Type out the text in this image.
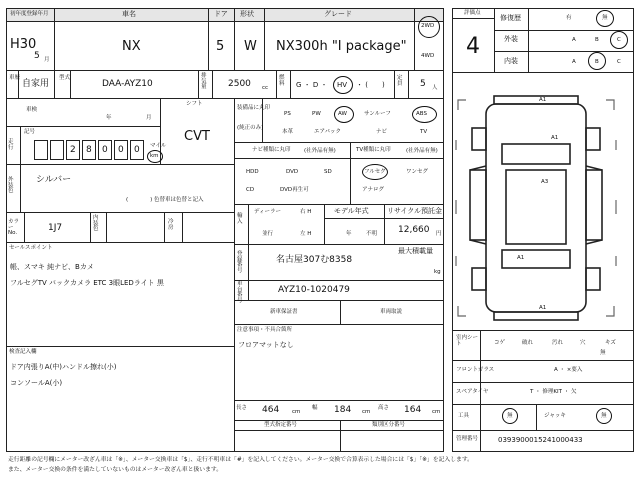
初年度登録年月	車名	ドア 形状	グレード
H30
5 月
NX	5 W NX300h "I package"
2WD
4WD
車歴
自家用
型式
DAA-AYZ10
排気量 2500 cc
燃料	G ・ D ・ HV ・ (　　)
定員 5 人
車検
年	月
シフト
CVT
走行
記号
2 8 0 0 0 マイル
km
外装色
シルバー
(　　　　) 色替車は色替と記入
カラーNo.	1J7
内装色
冷房
セールスポイント
帳、スマキ 純ナビ、Bカメ
フルセグTV バックカメラ ETC 3眼LEDライト 黒
検査記入欄
ドア内張りA(中)ハンドル擦れ(小)
コンソールA(小)
装備品に丸印
(純正のみ)
PS	PW	AW	サンルーフ	ABS
本革	エアバック	ナビ	TV
ナビ種類に丸印 (社外品有無)	TV種類に丸印	(社外品有無)
HDD	DVD	SD
CD	DVD再生可
フルセグ	ワンセグ
アナログ
輸入
ディーラー	右 H
並行	左 H
モデル年式
年	不明
リサイクル預託金
12,660 円
最大積載量
kg
登録番号
名古屋307む8358
車台番号
AYZ10-1020479
新車保証書	車両取説
注意事項・不具合箇所
フロアマットなし
長さ 464 cm
幅 184 cm
高さ 164 cm
型式指定番号	類別区分番号
評価点
4
修復歴	有	無
外装	A	B	C
内装	A	B	C
A1
A1
A3
A1
A1
室内シート	コゲ	破れ	汚れ	穴	キズ
無
フロントガラス	A ・ ×要入
スペアタイヤ	T ・ 修理KIT ・ 欠
工具	無	ジャッキ	無
管理番号	0393900015241000433
走行距離の記号欄にメーター改ざん車は「※」、メーター交換車は「$」、走行不明車は「#」を記入してください。メーター交換で合算表示した場合には「$」「※」を記入します。
また、メーター交換の条件を満たしていないものはメーター改ざん車と扱います。
